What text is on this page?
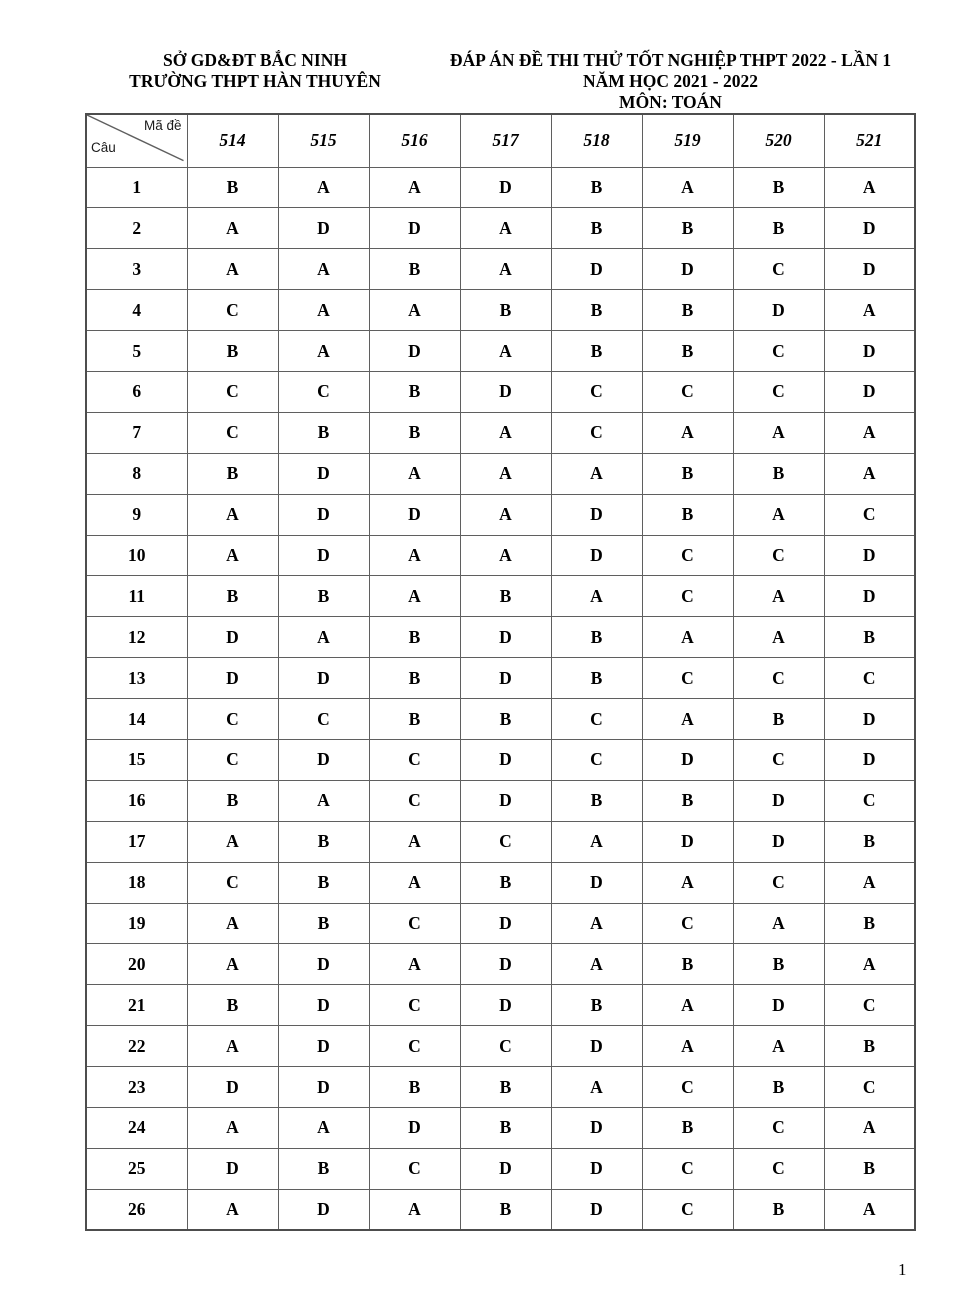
SỞ GD&ĐT BẮC NINH
TRƯỜNG THPT HÀN THUYÊN
ĐÁP ÁN ĐỀ THI THỬ TỐT NGHIỆP THPT 2022 - LẦN 1
NĂM HỌC 2021 - 2022
MÔN: TOÁN
Mã đề
Câu	514	515	516	517	518	519	520	521
1	B	A	A	D	B	A	B	A
2	A	D	D	A	B	B	B	D
3	A	A	B	A	D	D	C	D
4	C	A	A	B	B	B	D	A
5	B	A	D	A	B	B	C	D
6	C	C	B	D	C	C	C	D
7	C	B	B	A	C	A	A	A
8	B	D	A	A	A	B	B	A
9	A	D	D	A	D	B	A	C
10	A	D	A	A	D	C	C	D
11	B	B	A	B	A	C	A	D
12	D	A	B	D	B	A	A	B
13	D	D	B	D	B	C	C	C
14	C	C	B	B	C	A	B	D
15	C	D	C	D	C	D	C	D
16	B	A	C	D	B	B	D	C
17	A	B	A	C	A	D	D	B
18	C	B	A	B	D	A	C	A
19	A	B	C	D	A	C	A	B
20	A	D	A	D	A	B	B	A
21	B	D	C	D	B	A	D	C
22	A	D	C	C	D	A	A	B
23	D	D	B	B	A	C	B	C
24	A	A	D	B	D	B	C	A
25	D	B	C	D	D	C	C	B
26	A	D	A	B	D	C	B	A
1
